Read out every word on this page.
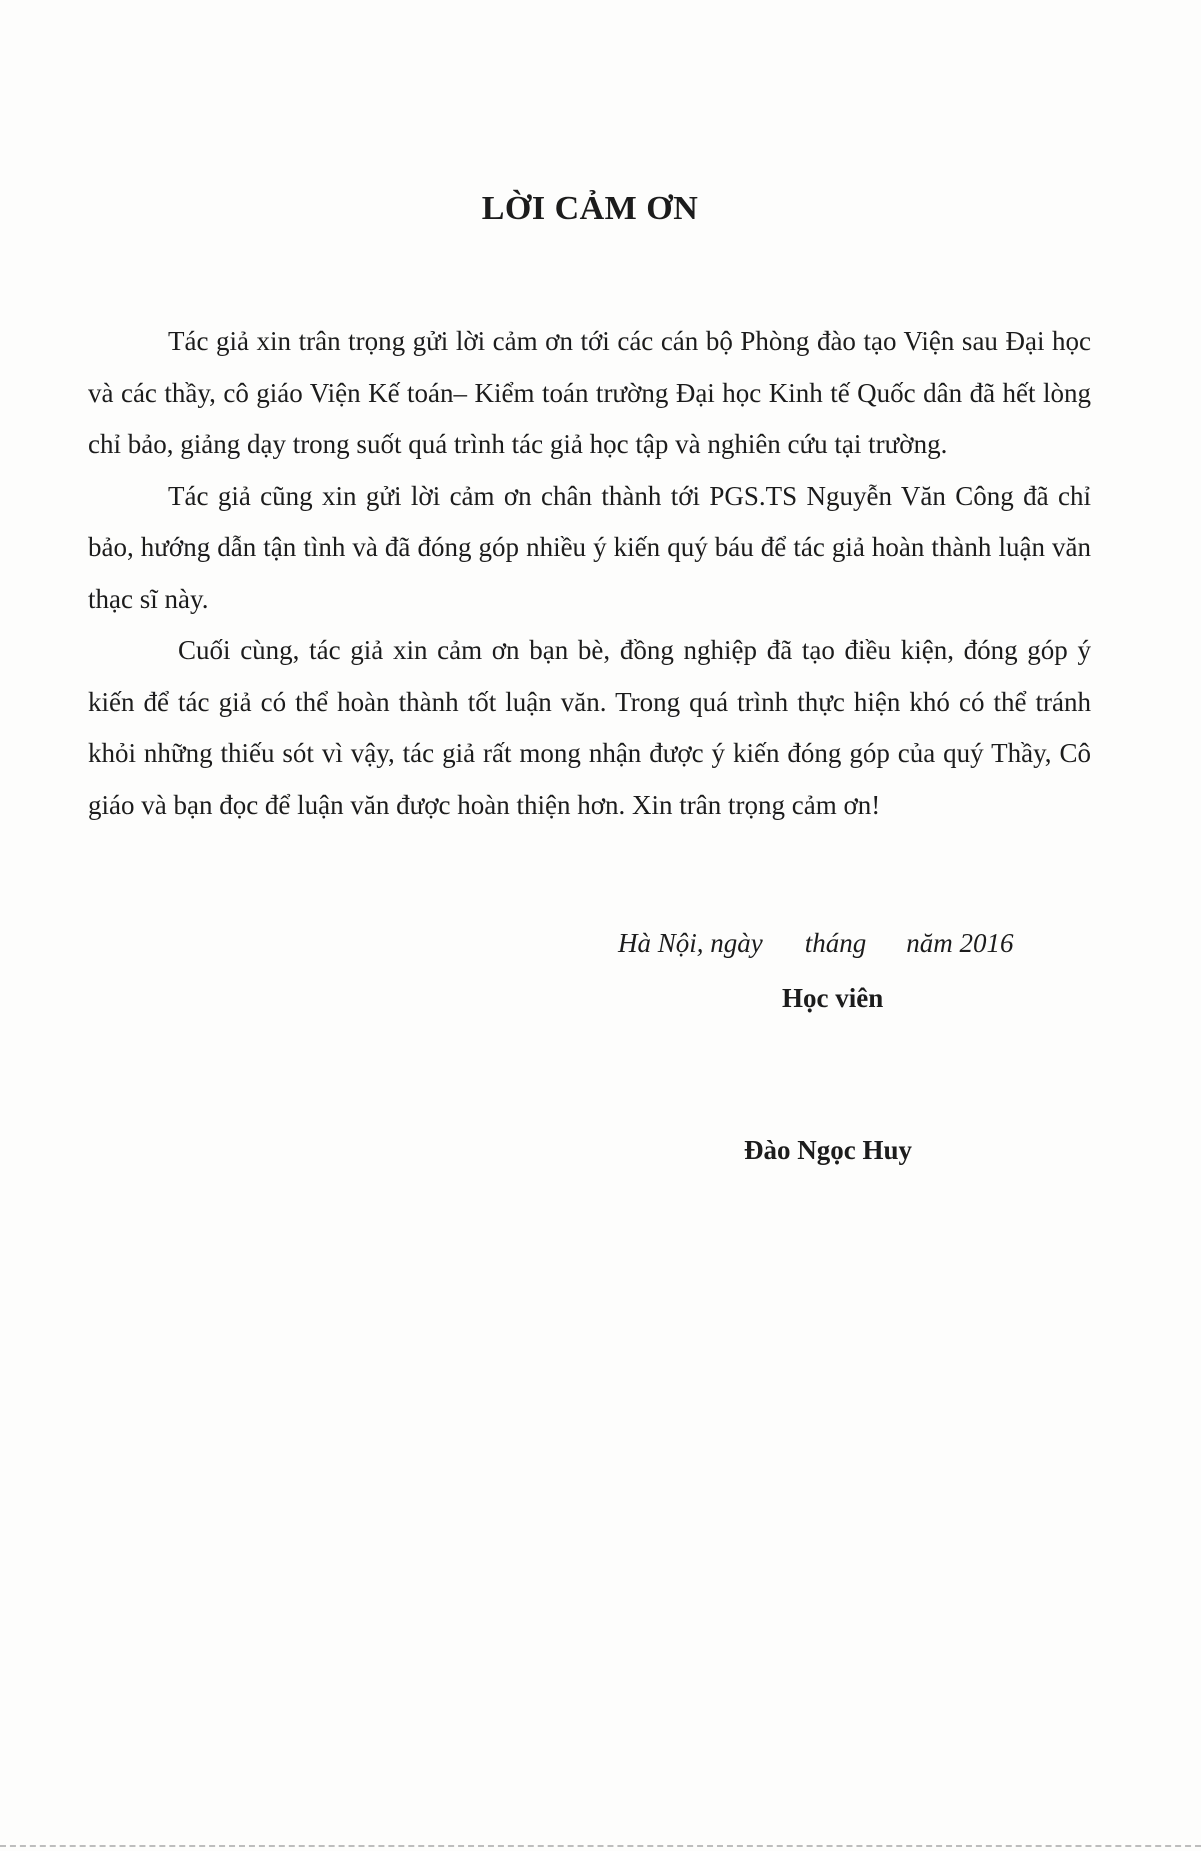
LỜI CẢM ƠN

Tác giả xin trân trọng gửi lời cảm ơn tới các cán bộ Phòng đào tạo Viện sau Đại học và các thầy, cô giáo Viện Kế toán– Kiểm toán trường Đại học Kinh tế Quốc dân đã hết lòng chỉ bảo, giảng dạy trong suốt quá trình tác giả học tập và nghiên cứu tại trường.

Tác giả cũng xin gửi lời cảm ơn chân thành tới PGS.TS Nguyễn Văn Công đã chỉ bảo, hướng dẫn tận tình và đã đóng góp nhiều ý kiến quý báu để tác giả hoàn thành luận văn thạc sĩ này.

Cuối cùng, tác giả xin cảm ơn bạn bè, đồng nghiệp đã tạo điều kiện, đóng góp ý kiến để tác giả có thể hoàn thành tốt luận văn. Trong quá trình thực hiện khó có thể tránh khỏi những thiếu sót vì vậy, tác giả rất mong nhận được ý kiến đóng góp của quý Thầy, Cô giáo và bạn đọc để luận văn được hoàn thiện hơn. Xin trân trọng cảm ơn!

Hà Nội, ngày tháng năm 2016
Học viên
Đào Ngọc Huy
